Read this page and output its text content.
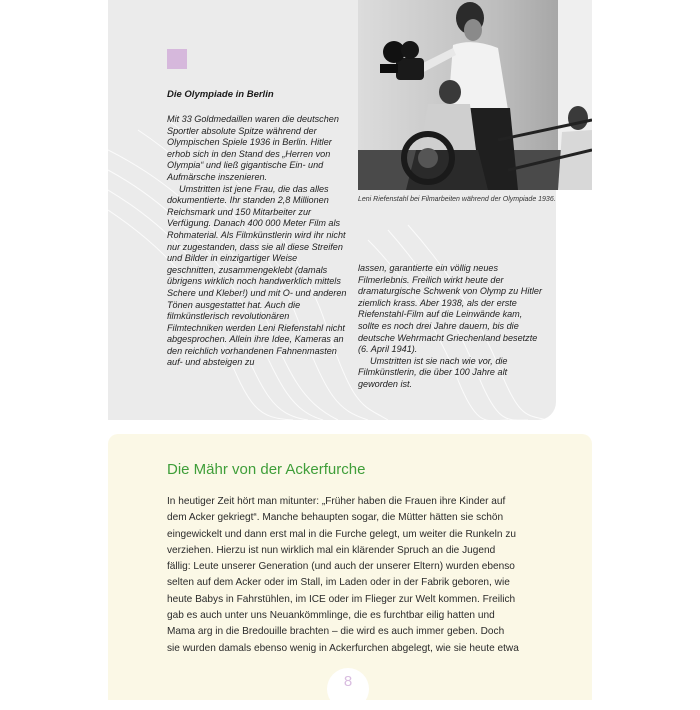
Leni Riefenstahl bei Filmarbeiten während der Olympiade 1936.
Die Olympiade in Berlin

Mit 33 Goldmedaillen waren die deutschen Sportler absolute Spitze während der Olympischen Spiele 1936 in Berlin. Hitler erhob sich in den Stand des „Herren von Olympia“ und ließ gigantische Ein- und Aufmärsche inszenieren.

Umstritten ist jene Frau, die das alles dokumentierte. Ihr standen 2,8 Millionen Reichsmark und 150 Mitarbeiter zur Verfügung. Danach 400 000 Meter Film als Rohmaterial. Als Filmkünstlerin wird ihr nicht nur zugestanden, dass sie all diese Streifen und Bilder in einzigartiger Weise geschnitten, zusammengeklebt (damals übrigens wirklich noch handwerklich mittels Schere und Kleber!) und mit O- und anderen Tönen ausgestattet hat. Auch die filmkünstlerisch revolutionären Filmtechniken werden Leni Riefenstahl nicht abgesprochen. Allein ihre Idee, Kameras an den reichlich vorhandenen Fahnenmasten auf- und absteigen zu

lassen, garantierte ein völlig neues Filmerlebnis. Freilich wirkt heute der dramaturgische Schwenk von Olymp zu Hitler ziemlich krass. Aber 1938, als der erste Riefenstahl-Film auf die Leinwände kam, sollte es noch drei Jahre dauern, bis die deutsche Wehrmacht Griechenland besetzte (6. April 1941).

Umstritten ist sie nach wie vor, die Filmkünstlerin, die über 100 Jahre alt geworden ist.

Die Mähr von der Ackerfurche
In heutiger Zeit hört man mitunter: „Früher haben die Frauen ihre Kinder auf
dem Acker gekriegt“. Manche behaupten sogar, die Mütter hätten sie schön
eingewickelt und dann erst mal in die Furche gelegt, um weiter die Runkeln zu
verziehen. Hierzu ist nun wirklich mal ein klärender Spruch an die Jugend
fällig: Leute unserer Generation (und auch der unserer Eltern) wurden ebenso
selten auf dem Acker oder im Stall, im Laden oder in der Fabrik geboren, wie
heute Babys in Fahrstühlen, im ICE oder im Flieger zur Welt kommen. Freilich
gab es auch unter uns Neuankömmlinge, die es furchtbar eilig hatten und
Mama arg in die Bredouille brachten – die wird es auch immer geben. Doch
sie wurden damals ebenso wenig in Ackerfurchen abgelegt, wie sie heute etwa
8
